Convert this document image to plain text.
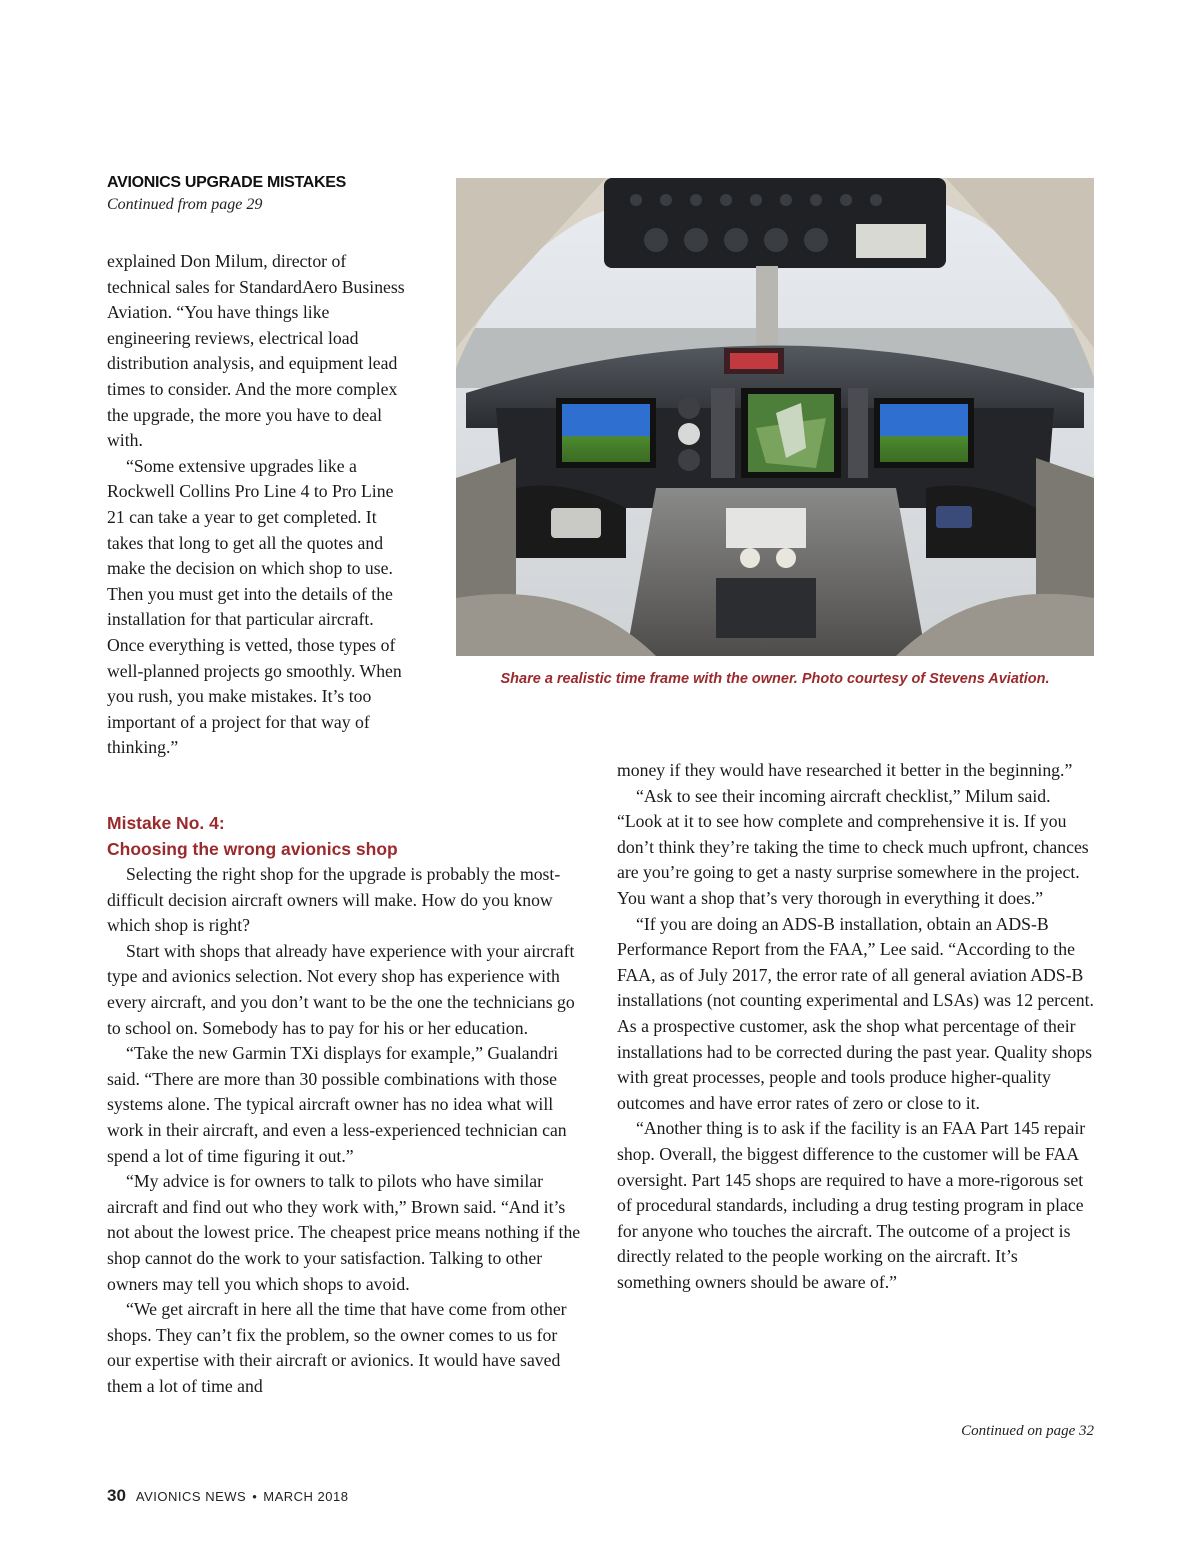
AVIONICS UPGRADE MISTAKES
Continued from page 29
Share a realistic time frame with the owner. Photo courtesy of Stevens Aviation.

explained Don Milum, director of technical sales for StandardAero Business Aviation. “You have things like engineering reviews, electrical load distribution analysis, and equipment lead times to consider. And the more complex the upgrade, the more you have to deal with.

“Some extensive upgrades like a Rockwell Collins Pro Line 4 to Pro Line 21 can take a year to get completed. It takes that long to get all the quotes and make the decision on which shop to use. Then you must get into the details of the installation for that particular aircraft. Once everything is vetted, those types of well-planned projects go smoothly. When you rush, you make mistakes. It’s too important of a project for that way of thinking.”

Mistake No. 4:

Choosing the wrong avionics shop

Selecting the right shop for the upgrade is probably the most-difficult decision aircraft owners will make. How do you know which shop is right?

Start with shops that already have experience with your aircraft type and avionics selection. Not every shop has experience with every aircraft, and you don’t want to be the one the technicians go to school on. Somebody has to pay for his or her education.

“Take the new Garmin TXi displays for example,” Gualandri said. “There are more than 30 possible combinations with those systems alone. The typical aircraft owner has no idea what will work in their aircraft, and even a less-experienced technician can spend a lot of time figuring it out.”

“My advice is for owners to talk to pilots who have similar aircraft and find out who they work with,” Brown said. “And it’s not about the lowest price. The cheapest price means nothing if the shop cannot do the work to your satisfaction. Talking to other owners may tell you which shops to avoid.

“We get aircraft in here all the time that have come from other shops. They can’t fix the problem, so the owner comes to us for our expertise with their aircraft or avionics. It would have saved them a lot of time and

money if they would have researched it better in the beginning.”

“Ask to see their incoming aircraft checklist,” Milum said. “Look at it to see how complete and comprehensive it is. If you don’t think they’re taking the time to check much upfront, chances are you’re going to get a nasty surprise somewhere in the project. You want a shop that’s very thorough in everything it does.”

“If you are doing an ADS-B installation, obtain an ADS-B Performance Report from the FAA,” Lee said. “According to the FAA, as of July 2017, the error rate of all general aviation ADS-B installations (not counting experimental and LSAs) was 12 percent. As a prospective customer, ask the shop what percentage of their installations had to be corrected during the past year. Quality shops with great processes, people and tools produce higher-quality outcomes and have error rates of zero or close to it.

“Another thing is to ask if the facility is an FAA Part 145 repair shop. Overall, the biggest difference to the customer will be FAA oversight. Part 145 shops are required to have a more-rigorous set of procedural standards, including a drug testing program in place for anyone who touches the aircraft. The outcome of a project is directly related to the people working on the aircraft. It’s something owners should be aware of.”

Continued on page 32
30 AVIONICS NEWS • MARCH 2018
